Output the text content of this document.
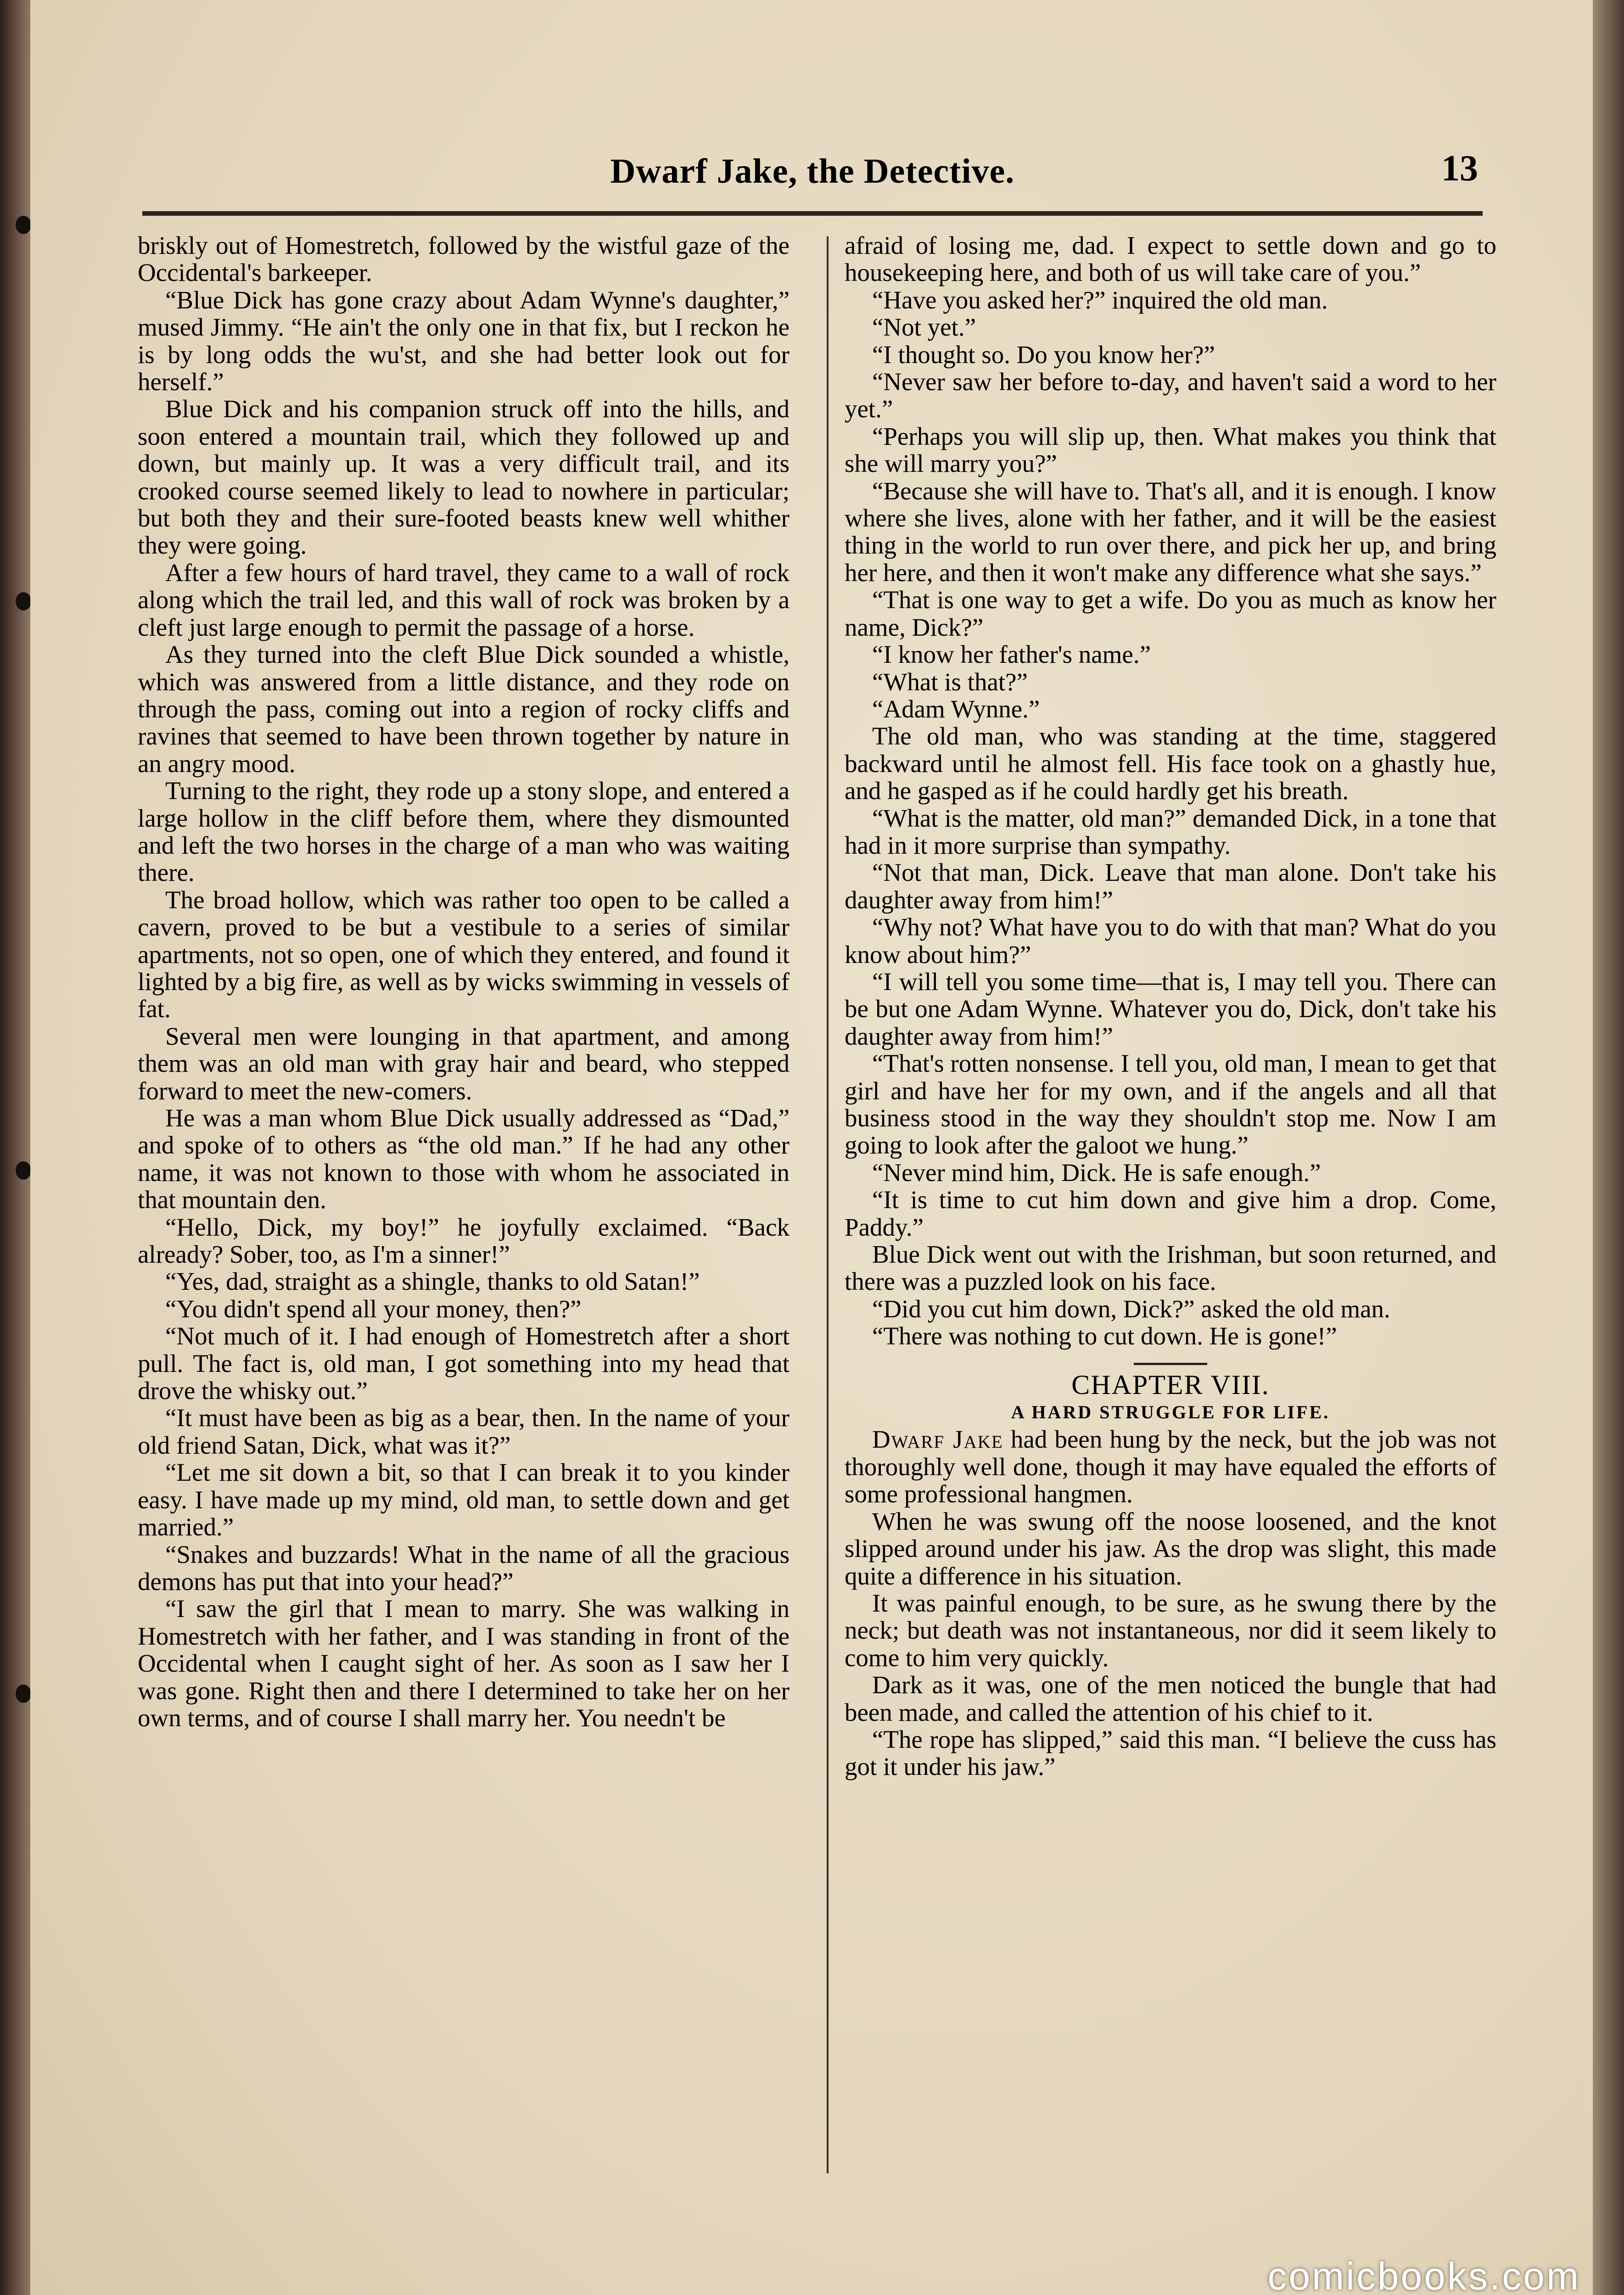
Dwarf Jake, the Detective.	13

briskly out of Homestretch, followed by the wistful gaze of the Occidental's barkeeper.

“Blue Dick has gone crazy about Adam Wynne's daughter,” mused Jimmy. “He ain't the only one in that fix, but I reckon he is by long odds the wu'st, and she had better look out for herself.”

Blue Dick and his companion struck off into the hills, and soon entered a mountain trail, which they followed up and down, but mainly up. It was a very difficult trail, and its crooked course seemed likely to lead to nowhere in particular; but both they and their sure-footed beasts knew well whither they were going.

After a few hours of hard travel, they came to a wall of rock along which the trail led, and this wall of rock was broken by a cleft just large enough to permit the passage of a horse.

As they turned into the cleft Blue Dick sounded a whistle, which was answered from a little distance, and they rode on through the pass, coming out into a region of rocky cliffs and ravines that seemed to have been thrown together by nature in an angry mood.

Turning to the right, they rode up a stony slope, and entered a large hollow in the cliff before them, where they dismounted and left the two horses in the charge of a man who was waiting there.

The broad hollow, which was rather too open to be called a cavern, proved to be but a vestibule to a series of similar apartments, not so open, one of which they entered, and found it lighted by a big fire, as well as by wicks swimming in vessels of fat.

Several men were lounging in that apartment, and among them was an old man with gray hair and beard, who stepped forward to meet the new-comers.

He was a man whom Blue Dick usually addressed as “Dad,” and spoke of to others as “the old man.” If he had any other name, it was not known to those with whom he associated in that mountain den.

“Hello, Dick, my boy!” he joyfully exclaimed. “Back already? Sober, too, as I'm a sinner!”

“Yes, dad, straight as a shingle, thanks to old Satan!”

“You didn't spend all your money, then?”

“Not much of it. I had enough of Homestretch after a short pull. The fact is, old man, I got something into my head that drove the whisky out.”

“It must have been as big as a bear, then. In the name of your old friend Satan, Dick, what was it?”

“Let me sit down a bit, so that I can break it to you kinder easy. I have made up my mind, old man, to settle down and get married.”

“Snakes and buzzards! What in the name of all the gracious demons has put that into your head?”

“I saw the girl that I mean to marry. She was walking in Homestretch with her father, and I was standing in front of the Occidental when I caught sight of her. As soon as I saw her I was gone. Right then and there I determined to take her on her own terms, and of course I shall marry her. You needn't be

afraid of losing me, dad. I expect to settle down and go to housekeeping here, and both of us will take care of you.”

“Have you asked her?” inquired the old man.

“Not yet.”

“I thought so. Do you know her?”

“Never saw her before to-day, and haven't said a word to her yet.”

“Perhaps you will slip up, then. What makes you think that she will marry you?”

“Because she will have to. That's all, and it is enough. I know where she lives, alone with her father, and it will be the easiest thing in the world to run over there, and pick her up, and bring her here, and then it won't make any difference what she says.”

“That is one way to get a wife. Do you as much as know her name, Dick?”

“I know her father's name.”

“What is that?”

“Adam Wynne.”

The old man, who was standing at the time, staggered backward until he almost fell. His face took on a ghastly hue, and he gasped as if he could hardly get his breath.

“What is the matter, old man?” demanded Dick, in a tone that had in it more surprise than sympathy.

“Not that man, Dick. Leave that man alone. Don't take his daughter away from him!”

“Why not? What have you to do with that man? What do you know about him?”

“I will tell you some time—that is, I may tell you. There can be but one Adam Wynne. Whatever you do, Dick, don't take his daughter away from him!”

“That's rotten nonsense. I tell you, old man, I mean to get that girl and have her for my own, and if the angels and all that business stood in the way they shouldn't stop me. Now I am going to look after the galoot we hung.”

“Never mind him, Dick. He is safe enough.”

“It is time to cut him down and give him a drop. Come, Paddy.”

Blue Dick went out with the Irishman, but soon returned, and there was a puzzled look on his face.

“Did you cut him down, Dick?” asked the old man.

“There was nothing to cut down. He is gone!”

CHAPTER VIII.
A HARD STRUGGLE FOR LIFE.

Dwarf Jake had been hung by the neck, but the job was not thoroughly well done, though it may have equaled the efforts of some professional hangmen.

When he was swung off the noose loosened, and the knot slipped around under his jaw. As the drop was slight, this made quite a difference in his situation.

It was painful enough, to be sure, as he swung there by the neck; but death was not instantaneous, nor did it seem likely to come to him very quickly.

Dark as it was, one of the men noticed the bungle that had been made, and called the attention of his chief to it.

“The rope has slipped,” said this man. “I believe the cuss has got it under his jaw.”

comicbooks.com
